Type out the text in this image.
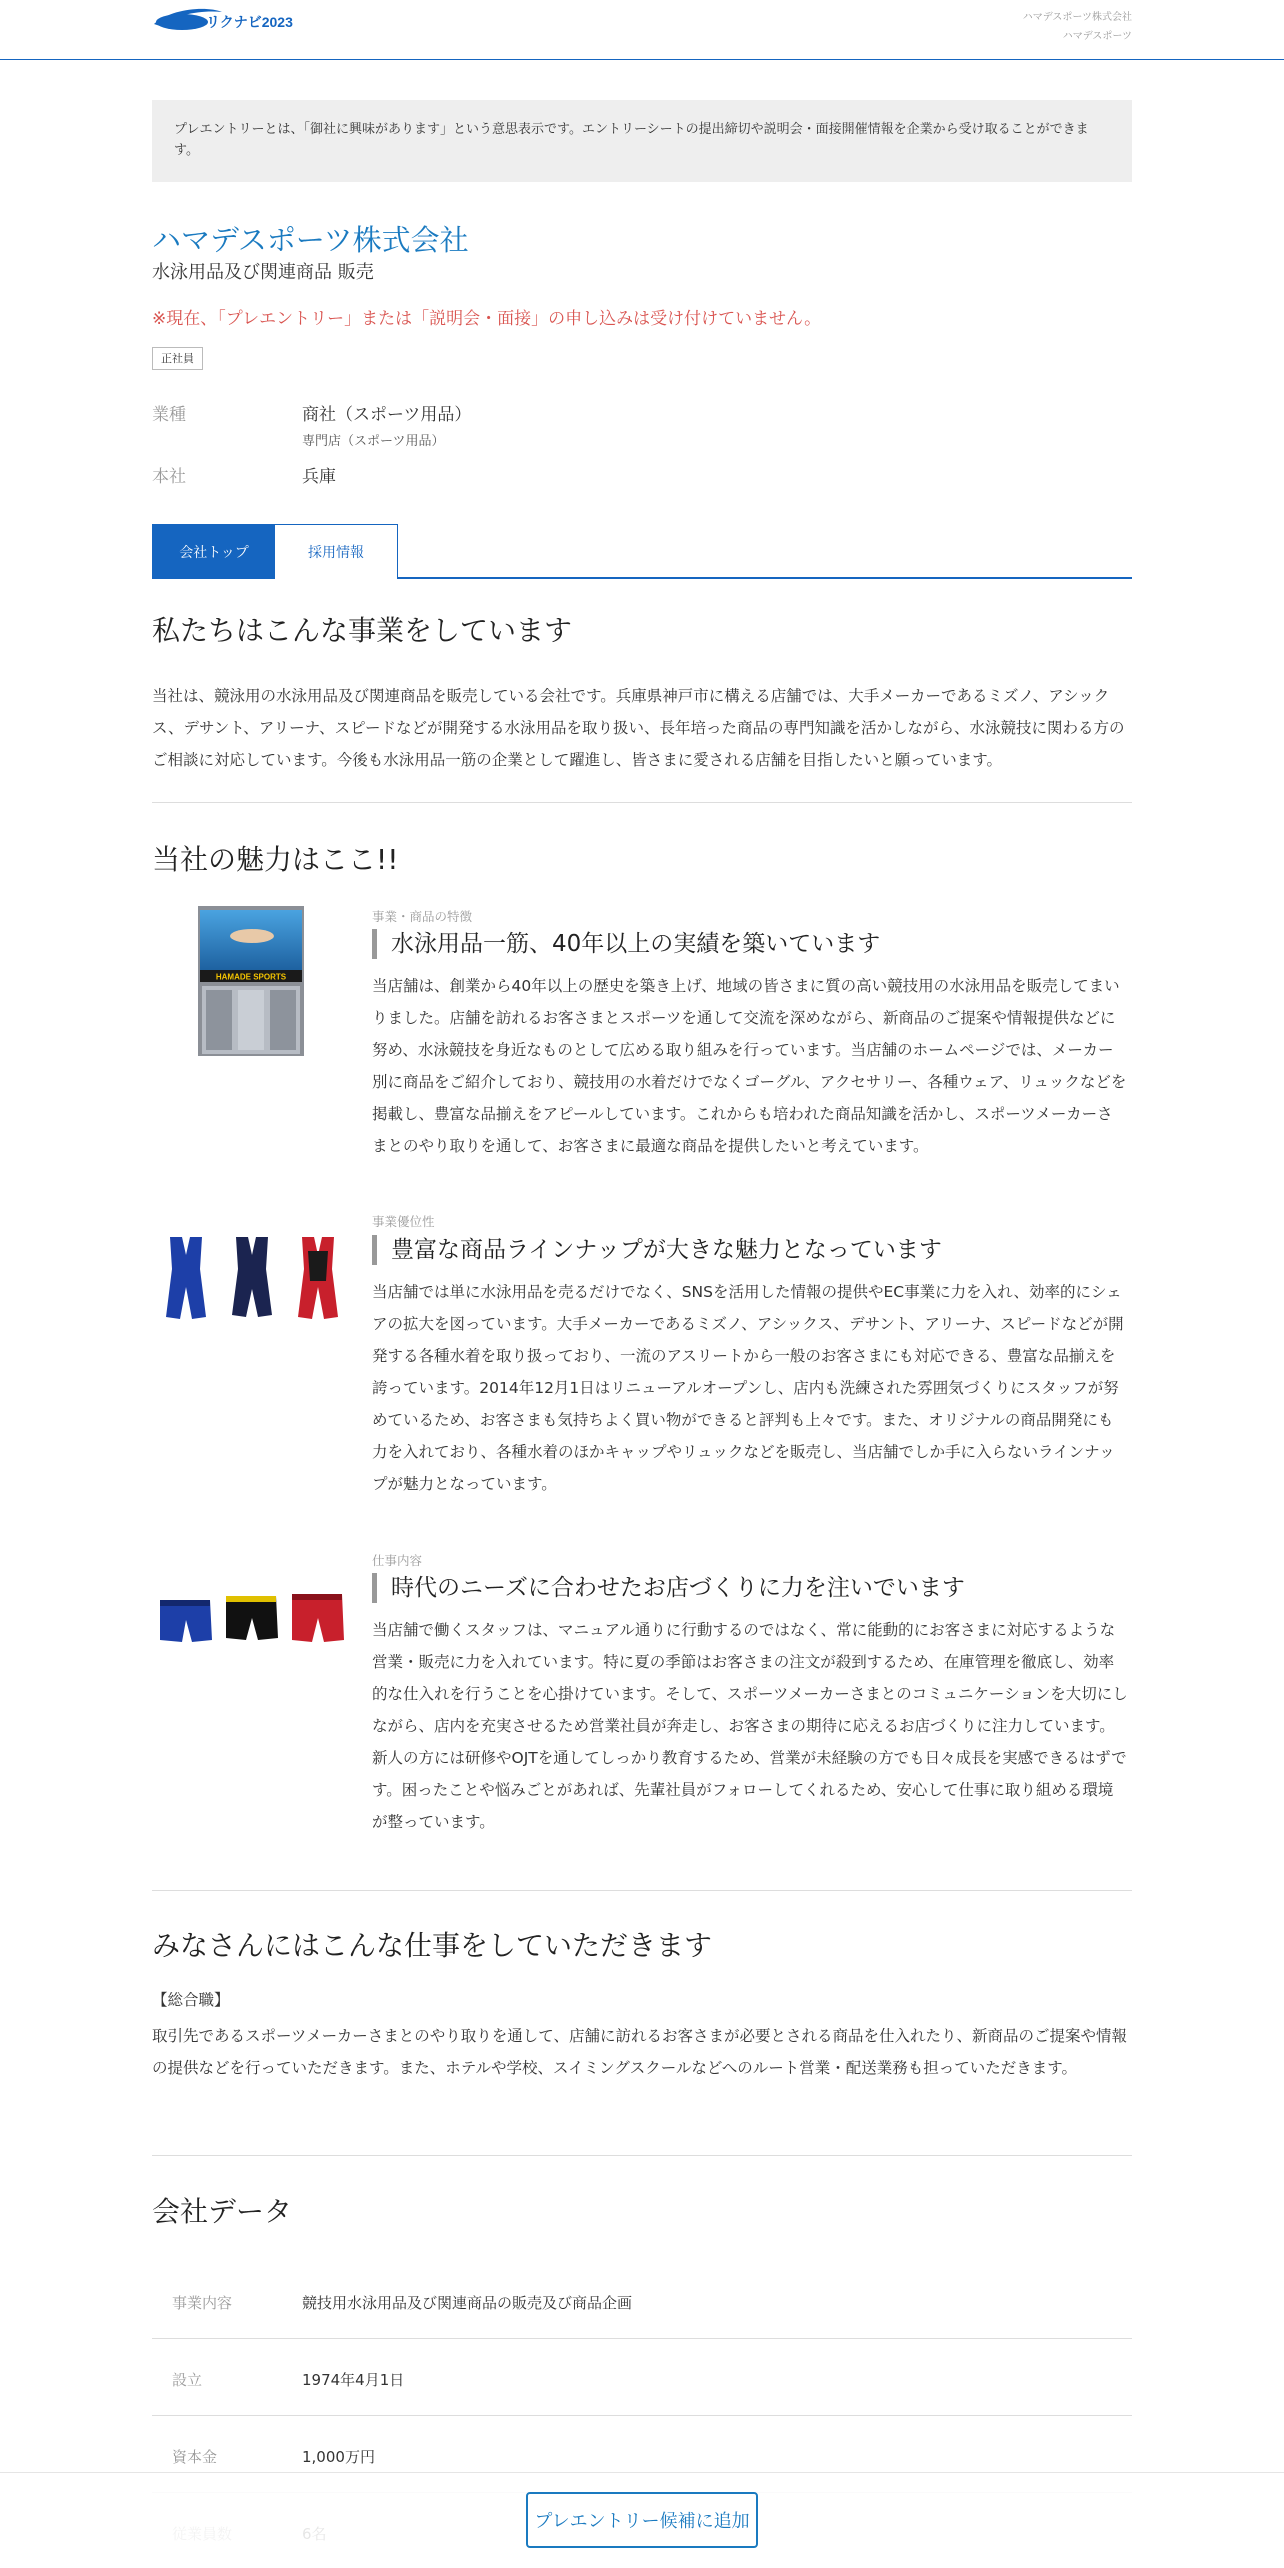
リクナビ2023	ハマデスポーツ株式会社
ハマデスポーツ
プレエントリーとは、「御社に興味があります」という意思表示です。エントリーシートの提出締切や説明会・面接開催情報を企業から受け取ることができます。
ハマデスポーツ株式会社
水泳用品及び関連商品 販売
※現在、「プレエントリー」または「説明会・面接」の申し込みは受け付けていません。
正社員
業種	商社（スポーツ用品）
専門店（スポーツ用品）
本社	兵庫
会社トップ	採用情報
私たちはこんな事業をしています
当社は、競泳用の水泳用品及び関連商品を販売している会社です。兵庫県神戸市に構える店舗では、大手メーカーであるミズノ、アシックス、デサント、アリーナ、スピードなどが開発する水泳用品を取り扱い、長年培った商品の専門知識を活かしながら、水泳競技に関わる方のご相談に対応しています。今後も水泳用品一筋の企業として躍進し、皆さまに愛される店舗を目指したいと願っています。
当社の魅力はここ!!
HAMADE SPORTS
事業・商品の特徴
水泳用品一筋、40年以上の実績を築いています
当店舗は、創業から40年以上の歴史を築き上げ、地域の皆さまに質の高い競技用の水泳用品を販売してまいりました。店舗を訪れるお客さまとスポーツを通して交流を深めながら、新商品のご提案や情報提供などに努め、水泳競技を身近なものとして広める取り組みを行っています。当店舗のホームページでは、メーカー別に商品をご紹介しており、競技用の水着だけでなくゴーグル、アクセサリー、各種ウェア、リュックなどを掲載し、豊富な品揃えをアピールしています。これからも培われた商品知識を活かし、スポーツメーカーさまとのやり取りを通して、お客さまに最適な商品を提供したいと考えています。
事業優位性
豊富な商品ラインナップが大きな魅力となっています
当店舗では単に水泳用品を売るだけでなく、SNSを活用した情報の提供やEC事業に力を入れ、効率的にシェアの拡大を図っています。大手メーカーであるミズノ、アシックス、デサント、アリーナ、スピードなどが開発する各種水着を取り扱っており、一流のアスリートから一般のお客さまにも対応できる、豊富な品揃えを誇っています。2014年12月1日はリニューアルオープンし、店内も洗練された雰囲気づくりにスタッフが努めているため、お客さまも気持ちよく買い物ができると評判も上々です。また、オリジナルの商品開発にも力を入れており、各種水着のほかキャップやリュックなどを販売し、当店舗でしか手に入らないラインナップが魅力となっています。
仕事内容
時代のニーズに合わせたお店づくりに力を注いでいます
当店舗で働くスタッフは、マニュアル通りに行動するのではなく、常に能動的にお客さまに対応するような営業・販売に力を入れています。特に夏の季節はお客さまの注文が殺到するため、在庫管理を徹底し、効率的な仕入れを行うことを心掛けています。そして、スポーツメーカーさまとのコミュニケーションを大切にしながら、店内を充実させるため営業社員が奔走し、お客さまの期待に応えるお店づくりに注力しています。新人の方には研修やOJTを通してしっかり教育するため、営業が未経験の方でも日々成長を実感できるはずです。困ったことや悩みごとがあれば、先輩社員がフォローしてくれるため、安心して仕事に取り組める環境が整っています。
みなさんにはこんな仕事をしていただきます
【総合職】
取引先であるスポーツメーカーさまとのやり取りを通して、店舗に訪れるお客さまが必要とされる商品を仕入れたり、新商品のご提案や情報の提供などを行っていただきます。また、ホテルや学校、スイミングスクールなどへのルート営業・配送業務も担っていただきます。
会社データ
事業内容	競技用水泳用品及び関連商品の販売及び商品企画
設立	1974年4月1日
資本金	1,000万円
プレエントリー候補に追加
